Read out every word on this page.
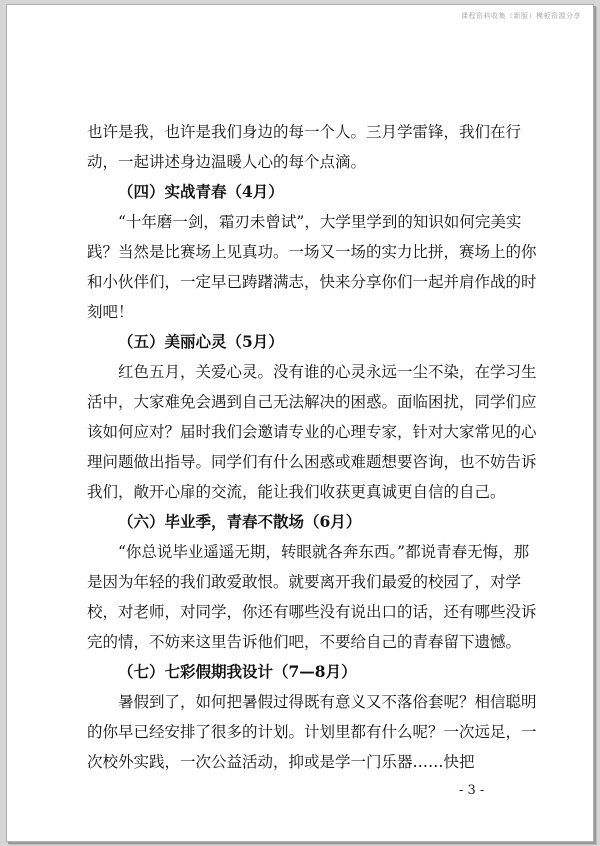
课程资料收集（新版）模板资源分享

也许是我，也许是我们身边的每一个人。三月学雷锋，我们在行动，一起讲述身边温暖人心的每个点滴。

（四）实战青春（4月）

“十年磨一剑，霜刃未曾试”，大学里学到的知识如何完美实践？当然是比赛场上见真功。一场又一场的实力比拼，赛场上的你和小伙伴们，一定早已踌躇满志，快来分享你们一起并肩作战的时刻吧！

（五）美丽心灵（5月）

红色五月，关爱心灵。没有谁的心灵永远一尘不染，在学习生活中，大家难免会遇到自己无法解决的困惑。面临困扰，同学们应该如何应对？届时我们会邀请专业的心理专家，针对大家常见的心理问题做出指导。同学们有什么困惑或难题想要咨询，也不妨告诉我们，敞开心扉的交流，能让我们收获更真诚更自信的自己。

（六）毕业季，青春不散场（6月）

“你总说毕业遥遥无期，转眼就各奔东西。”都说青春无悔，那是因为年轻的我们敢爱敢恨。就要离开我们最爱的校园了，对学校，对老师，对同学，你还有哪些没有说出口的话，还有哪些没诉完的情，不妨来这里告诉他们吧，不要给自己的青春留下遗憾。

（七）七彩假期我设计（7—8月）

暑假到了，如何把暑假过得既有意义又不落俗套呢？相信聪明的你早已经安排了很多的计划。计划里都有什么呢？一次远足，一次校外实践，一次公益活动，抑或是学一门乐器……快把

- 3 -
